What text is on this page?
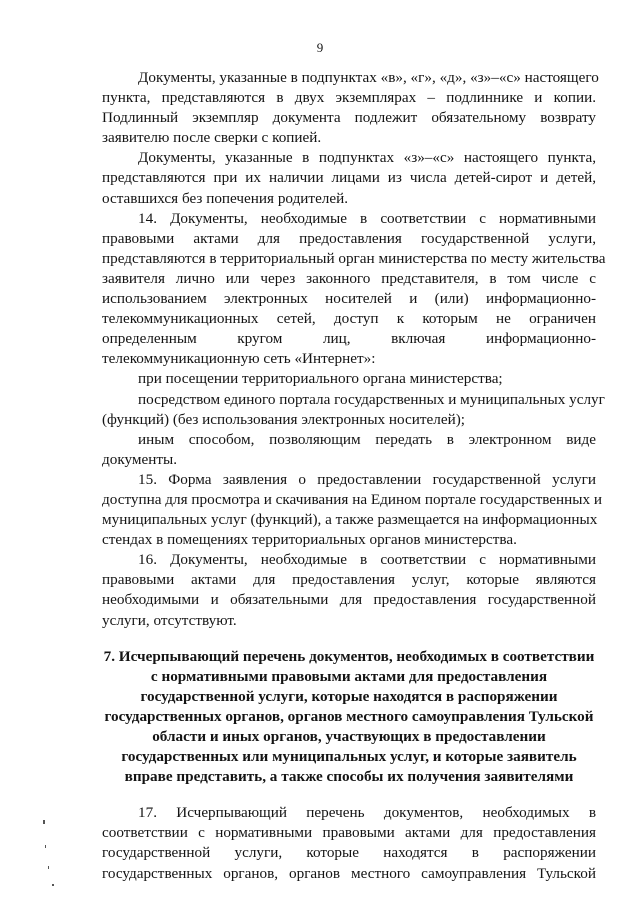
9
Документы, указанные в подпунктах «в», «г», «д», «з»–«с» настоящего
пункта, представляются в двух экземплярах – подлиннике и копии.
Подлинный экземпляр документа подлежит обязательному возврату
заявителю после сверки с копией.
Документы, указанные в подпунктах «з»–«с» настоящего пункта,
представляются при их наличии лицами из числа детей-сирот и детей,
оставшихся без попечения родителей.
14. Документы, необходимые в соответствии с нормативными
правовыми актами для предоставления государственной услуги,
представляются в территориальный орган министерства по месту жительства
заявителя лично или через законного представителя, в том числе с
использованием электронных носителей и (или) информационно-
телекоммуникационных сетей, доступ к которым не ограничен
определенным кругом лиц, включая информационно-
телекоммуникационную сеть «Интернет»:
при посещении территориального органа министерства;
посредством единого портала государственных и муниципальных услуг
(функций) (без использования электронных носителей);
иным способом, позволяющим передать в электронном виде
документы.
15. Форма заявления о предоставлении государственной услуги
доступна для просмотра и скачивания на Едином портале государственных и
муниципальных услуг (функций), а также размещается на информационных
стендах в помещениях территориальных органов министерства.
16. Документы, необходимые в соответствии с нормативными
правовыми актами для предоставления услуг, которые являются
необходимыми и обязательными для предоставления государственной
услуги, отсутствуют.
7. Исчерпывающий перечень документов, необходимых в соответствии
с нормативными правовыми актами для предоставления
государственной услуги, которые находятся в распоряжении
государственных органов, органов местного самоуправления Тульской
области и иных органов, участвующих в предоставлении
государственных или муниципальных услуг, и которые заявитель
вправе представить, а также способы их получения заявителями
17. Исчерпывающий перечень документов, необходимых в
соответствии с нормативными правовыми актами для предоставления
государственной услуги, которые находятся в распоряжении
государственных органов, органов местного самоуправления Тульской
